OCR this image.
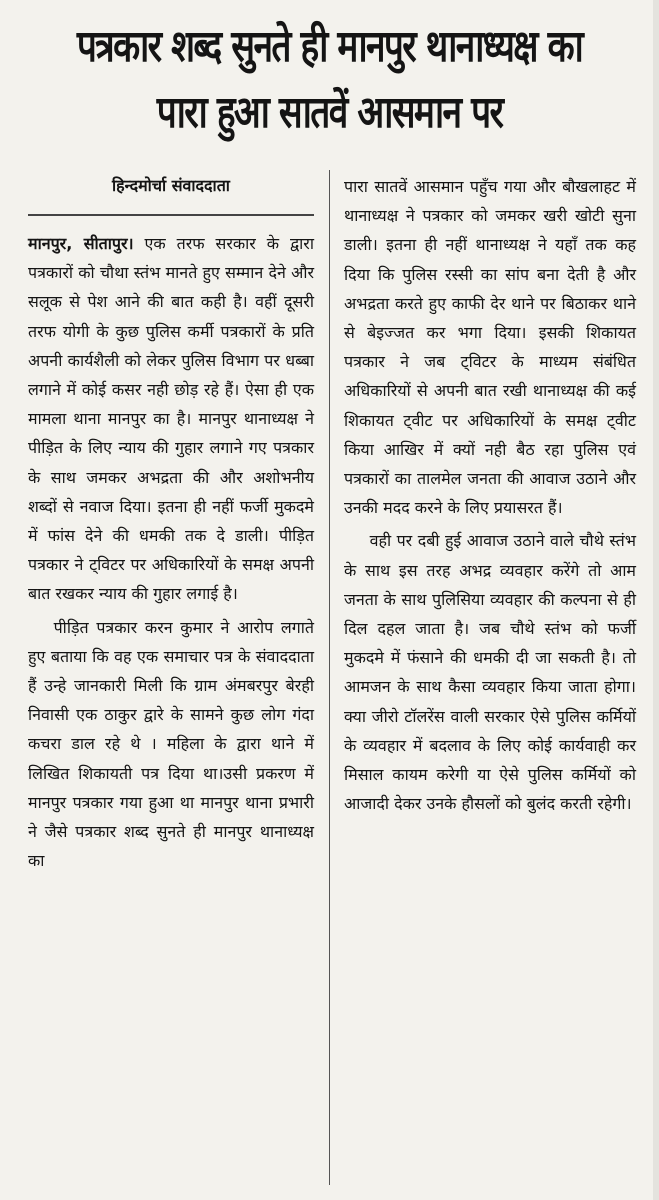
पत्रकार शब्द सुनते ही मानपुर थानाध्यक्ष का
पारा हुआ सातवें आसमान पर
हिन्दमोर्चा संवाददाता

मानपुर, सीतापुर। एक तरफ सरकार के द्वारा पत्रकारों को चौथा स्तंभ मानते हुए सम्मान देने और सलूक से पेश आने की बात कही है। वहीं दूसरी तरफ योगी के कुछ पुलिस कर्मी पत्रकारों के प्रति अपनी कार्यशैली को लेकर पुलिस विभाग पर धब्बा लगाने में कोई कसर नही छोड़ रहे हैं। ऐसा ही एक मामला थाना मानपुर का है। मानपुर थानाध्यक्ष ने पीड़ित के लिए न्याय की गुहार लगाने गए पत्रकार के साथ जमकर अभद्रता की और अशोभनीय शब्दों से नवाज दिया। इतना ही नहीं फर्जी मुकदमे में फांस देने की धमकी तक दे डाली। पीड़ित पत्रकार ने ट्विटर पर अधिकारियों के समक्ष अपनी बात रखकर न्याय की गुहार लगाई है।

पीड़ित पत्रकार करन कुमार ने आरोप लगाते हुए बताया कि वह एक समाचार पत्र के संवाददाता हैं उन्हे जानकारी मिली कि ग्राम अंमबरपुर बेरही निवासी एक ठाकुर द्वारे के सामने कुछ लोग गंदा कचरा डाल रहे थे । महिला के द्वारा थाने में लिखित शिकायती पत्र दिया था।उसी प्रकरण में मानपुर पत्रकार गया हुआ था मानपुर थाना प्रभारी ने जैसे पत्रकार शब्द सुनते ही मानपुर थानाध्यक्ष का

पारा सातवें आसमान पहुँच गया और बौखलाहट में थानाध्यक्ष ने पत्रकार को जमकर खरी खोटी सुना डाली। इतना ही नहीं थानाध्यक्ष ने यहाँ तक कह दिया कि पुलिस रस्सी का सांप बना देती है और अभद्रता करते हुए काफी देर थाने पर बिठाकर थाने से बेइज्जत कर भगा दिया। इसकी शिकायत पत्रकार ने जब ट्विटर के माध्यम संबंधित अधिकारियों से अपनी बात रखी थानाध्यक्ष की कई शिकायत ट्वीट पर अधिकारियों के समक्ष ट्वीट किया आखिर में क्यों नही बैठ रहा पुलिस एवं पत्रकारों का तालमेल जनता की आवाज उठाने और उनकी मदद करने के लिए प्रयासरत हैं।

वही पर दबी हुई आवाज उठाने वाले चौथे स्तंभ के साथ इस तरह अभद्र व्यवहार करेंगे तो आम जनता के साथ पुलिसिया व्यवहार की कल्पना से ही दिल दहल जाता है। जब चौथे स्तंभ को फर्जी मुकदमे में फंसाने की धमकी दी जा सकती है। तो आमजन के साथ कैसा व्यवहार किया जाता होगा। क्या जीरो टॉलरेंस वाली सरकार ऐसे पुलिस कर्मियों के व्यवहार में बदलाव के लिए कोई कार्यवाही कर मिसाल कायम करेगी या ऐसे पुलिस कर्मियों को आजादी देकर उनके हौसलों को बुलंद करती रहेगी।
